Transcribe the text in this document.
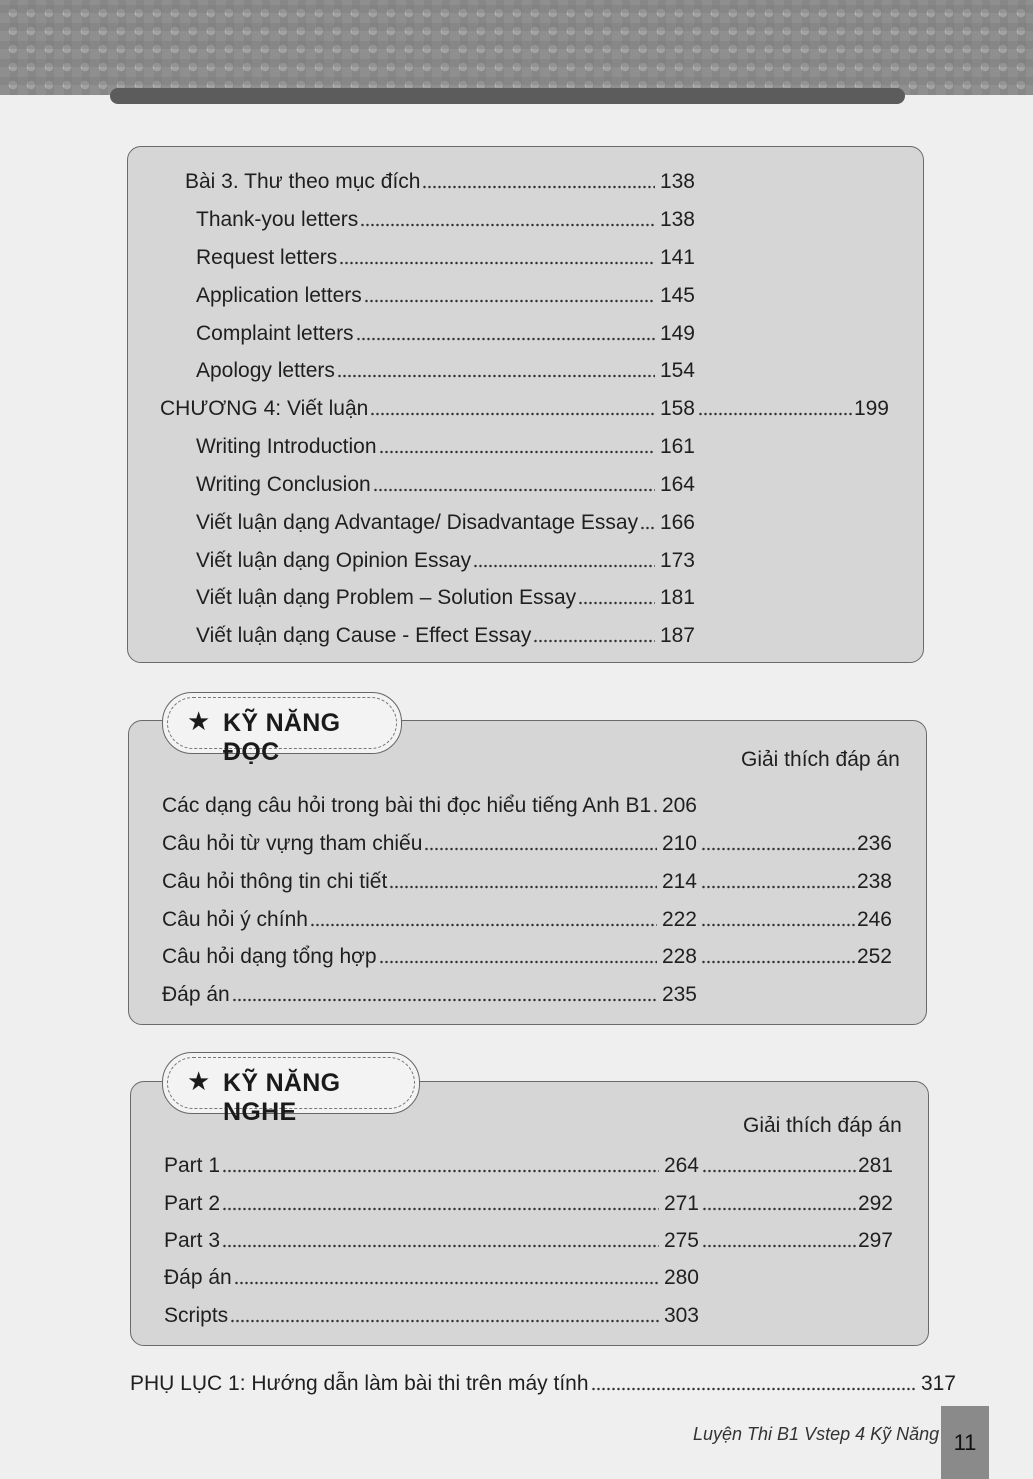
Bài 3. Thư theo mục đích	138
Thank-you letters	138
Request letters	141
Application letters	145
Complaint letters	149
Apology letters	154
CHƯƠNG 4: Viết luận	158	199
Writing Introduction	161
Writing Conclusion	164
Viết luận dạng Advantage/ Disadvantage Essay 166
Viết luận dạng Opinion Essay	173
Viết luận dạng Problem – Solution Essay	181
Viết luận dạng Cause - Effect Essay	187
★ KỸ NĂNG ĐỌC	Giải thích đáp án
Các dạng câu hỏi trong bài thi đọc hiểu tiếng Anh B1 206
Câu hỏi từ vựng tham chiếu	210	236
Câu hỏi thông tin chi tiết	214	238
Câu hỏi ý chính	222	246
Câu hỏi dạng tổng hợp	228	252
Đáp án	235
★ KỸ NĂNG NGHE	Giải thích đáp án
Part 1	264	281
Part 2	271	292
Part 3	275	297
Đáp án	280
Scripts	303
PHỤ LỤC 1: Hướng dẫn làm bài thi trên máy tính	317
Luyện Thi B1 Vstep 4 Kỹ Năng 11
